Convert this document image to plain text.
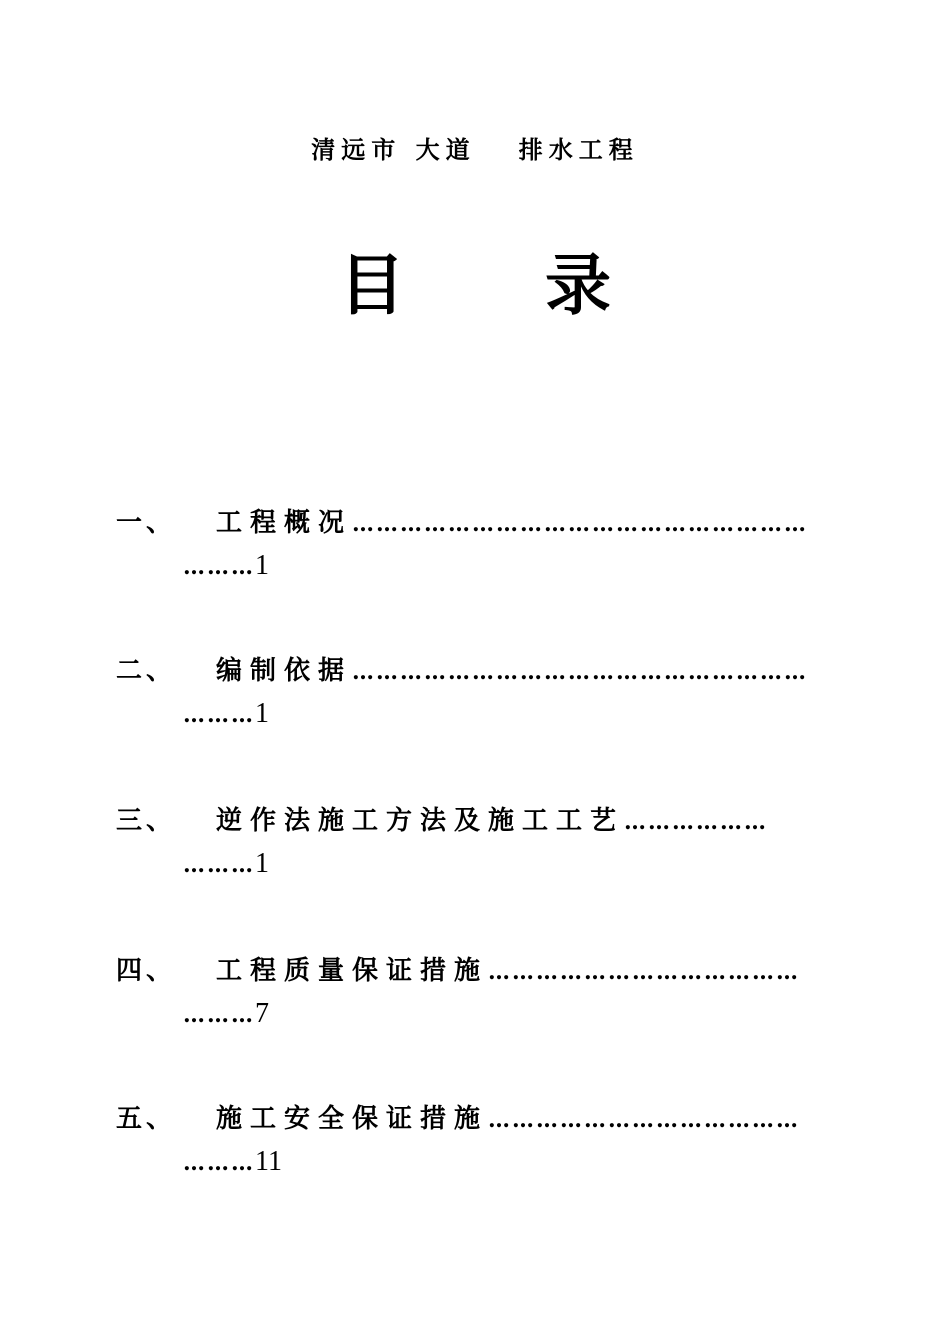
清远市 大道   排水工程
目 录
一、	工程概况 …………………………………………………
………1
二、	编制依据 …………………………………………………
………1
三、	逆作法施工方法及施工工艺 ………………
………1
四、	工程质量保证措施 …………………………………
………7
五、	施工安全保证措施 …………………………………
………11
